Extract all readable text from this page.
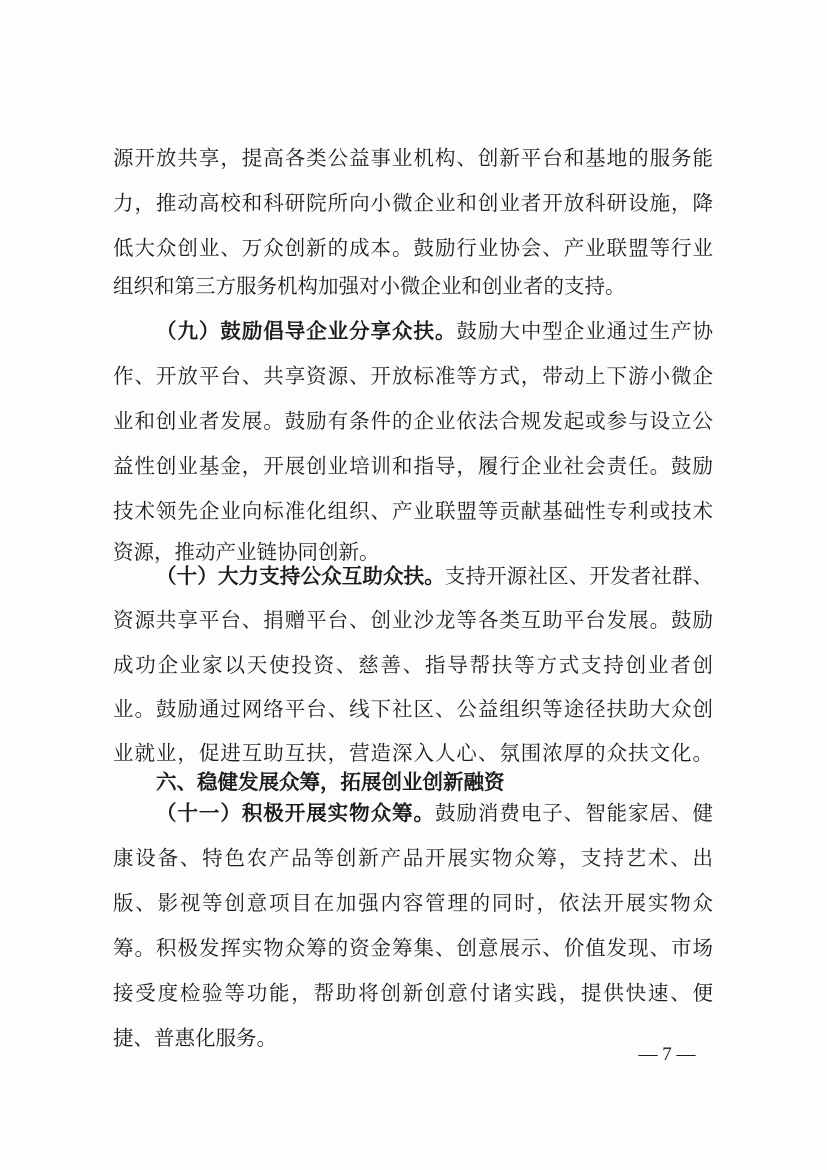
源开放共享，提高各类公益事业机构、创新平台和基地的服务能
力，推动高校和科研院所向小微企业和创业者开放科研设施，降
低大众创业、万众创新的成本。鼓励行业协会、产业联盟等行业
组织和第三方服务机构加强对小微企业和创业者的支持。
（九）鼓励倡导企业分享众扶。鼓励大中型企业通过生产协
作、开放平台、共享资源、开放标准等方式，带动上下游小微企
业和创业者发展。鼓励有条件的企业依法合规发起或参与设立公
益性创业基金，开展创业培训和指导，履行企业社会责任。鼓励
技术领先企业向标准化组织、产业联盟等贡献基础性专利或技术
资源，推动产业链协同创新。
（十）大力支持公众互助众扶。支持开源社区、开发者社群、
资源共享平台、捐赠平台、创业沙龙等各类互助平台发展。鼓励
成功企业家以天使投资、慈善、指导帮扶等方式支持创业者创
业。鼓励通过网络平台、线下社区、公益组织等途径扶助大众创
业就业，促进互助互扶，营造深入人心、氛围浓厚的众扶文化。
六、稳健发展众筹，拓展创业创新融资
（十一）积极开展实物众筹。鼓励消费电子、智能家居、健
康设备、特色农产品等创新产品开展实物众筹，支持艺术、出
版、影视等创意项目在加强内容管理的同时，依法开展实物众
筹。积极发挥实物众筹的资金筹集、创意展示、价值发现、市场
接受度检验等功能，帮助将创新创意付诸实践，提供快速、便
捷、普惠化服务。
— 7 —
